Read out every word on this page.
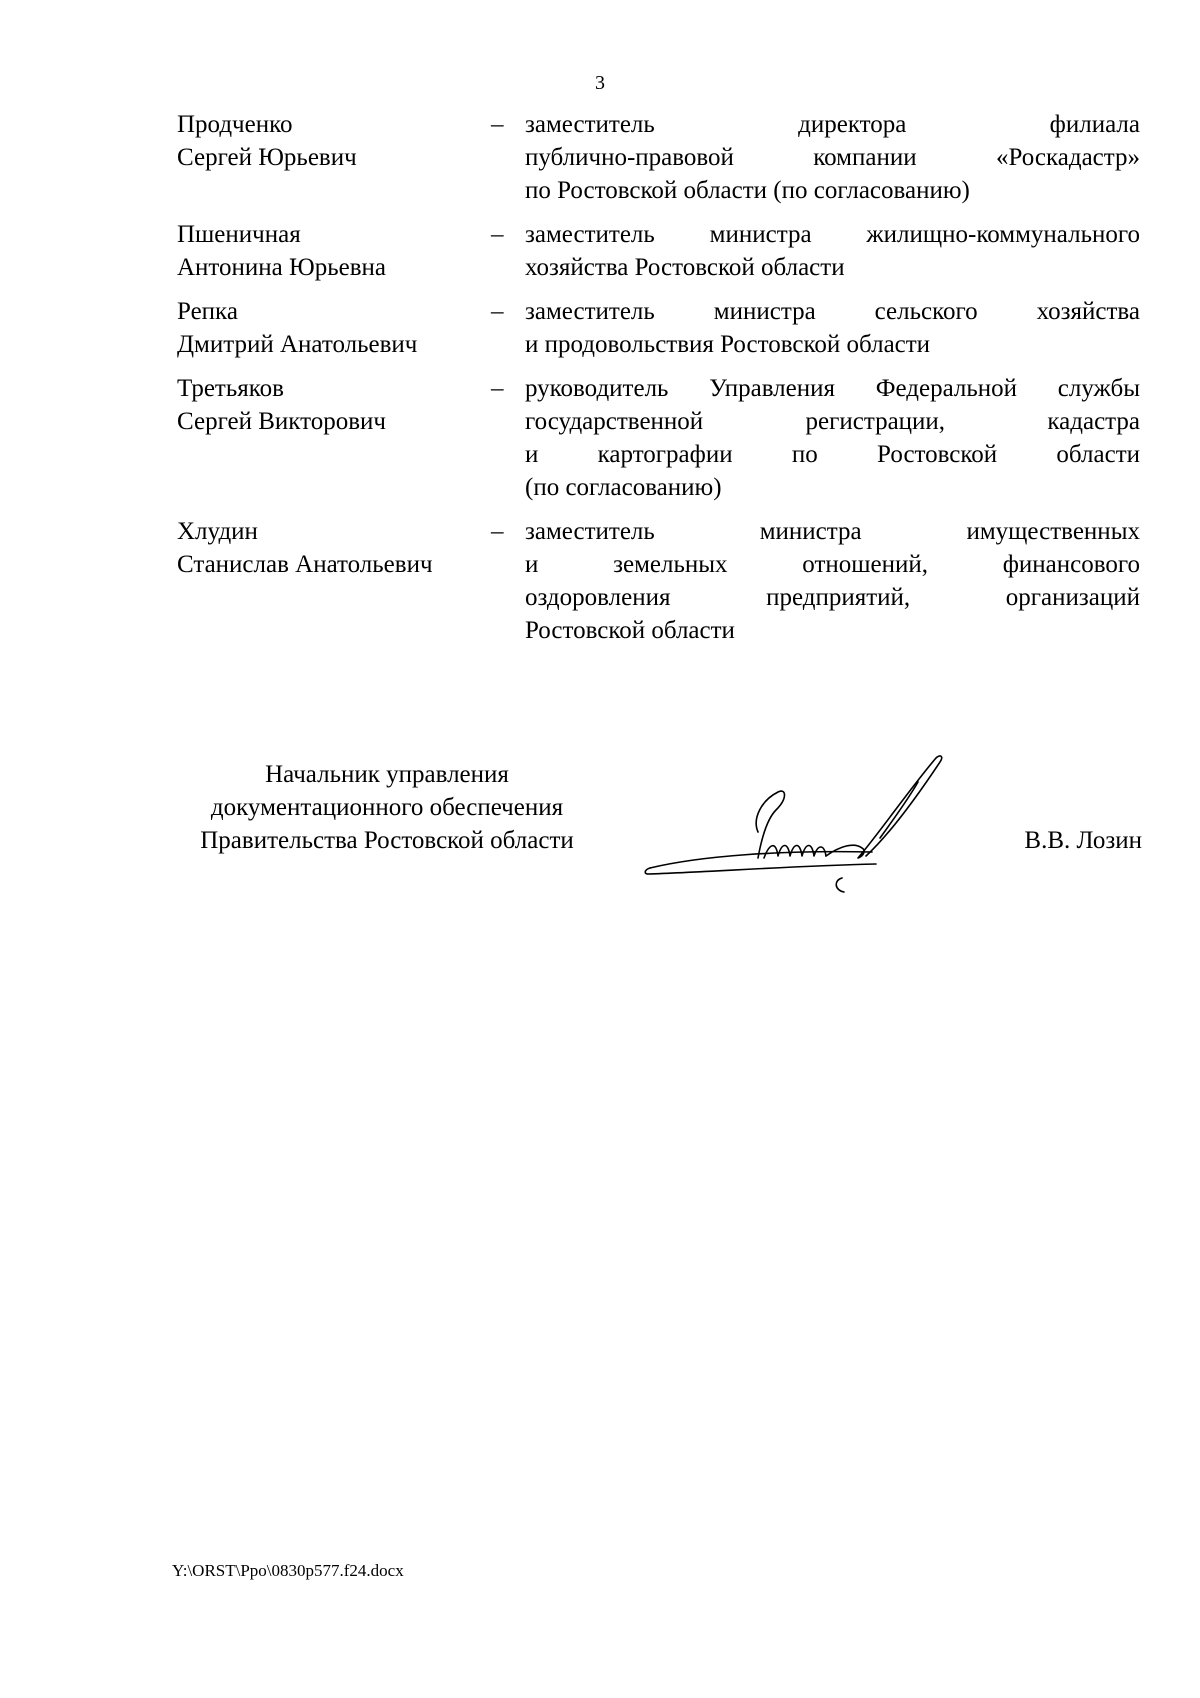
3
Продченко
Сергей Юрьевич
– заместитель директора филиала
публично-правовой компании «Роскадастр»
по Ростовской области (по согласованию)
Пшеничная
Антонина Юрьевна
– заместитель министра жилищно-коммунального
хозяйства Ростовской области
Репка
Дмитрий Анатольевич
– заместитель министра сельского хозяйства
и продовольствия Ростовской области
Третьяков
Сергей Викторович
– руководитель Управления Федеральной службы
государственной регистрации, кадастра
и картографии по Ростовской области
(по согласованию)
Хлудин
Станислав Анатольевич
– заместитель министра имущественных
и земельных отношений, финансового
оздоровления предприятий, организаций
Ростовской области
Начальник управления
документационного обеспечения
Правительства Ростовской области	В.В. Лозин
Y:\ORST\Ppo\0830p577.f24.docx
